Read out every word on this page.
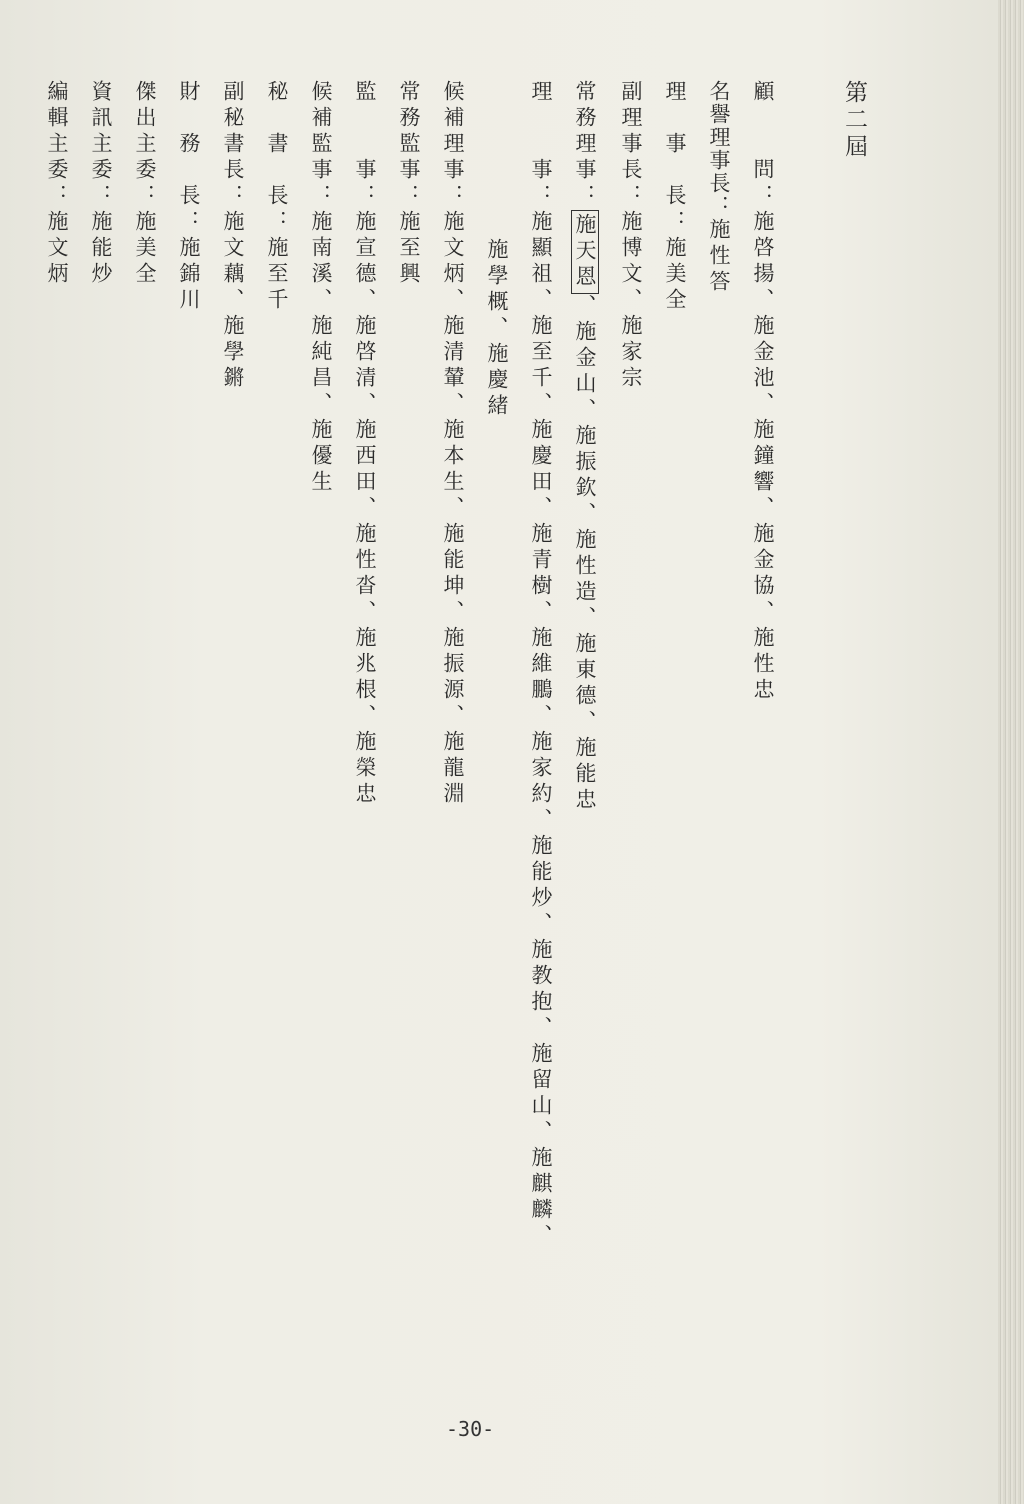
第二屆
顧　　問：施啓揚、施金池、施鐘響、施金協、施性忠
名譽理事長：施性答
理　事　長：施美全
副理事長：施博文、施家宗
常務理事：施天恩、施金山、施振欽、施性造、施東德、施能忠
理　　事：施顯祖、施至千、施慶田、施青樹、施維鵬、施家約、施能炒、施教抱、施留山、施麒麟、
施學概、施慶緒
候補理事：施文炳、施清輦、施本生、施能坤、施振源、施龍淵
常務監事：施至興
監　　事：施宣德、施啓清、施西田、施性沓、施兆根、施榮忠
候補監事：施南溪、施純昌、施優生
秘　書　長：施至千
副秘書長：施文藕、施學鏘
財　務　長：施錦川
傑出主委：施美全
資訊主委：施能炒
編輯主委：施文炳
-30-
